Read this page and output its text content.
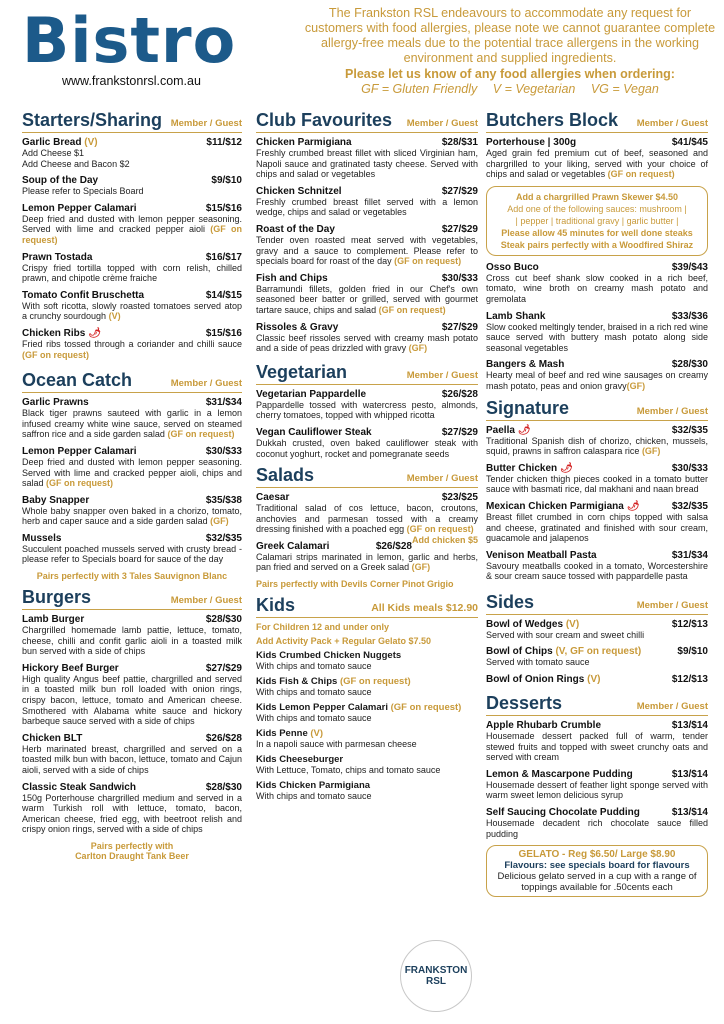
Bistro
www.frankstonrsl.com.au
The Frankston RSL endeavours to accommodate any request for customers with food allergies, please note we cannot guarantee complete allergy-free meals due to the potential trace allergens in the working environment and supplied ingredients.
Please let us know of any food allergies when ordering:
GF = Gluten Friendly V = Vegetarian VG = Vegan
Starters/Sharing Member / Guest
Garlic Bread (V)	$11/$12
Add Cheese $1
Add Cheese and Bacon $2
Soup of the Day	$9/$10
Please refer to Specials Board
Lemon Pepper Calamari	$15/$16
Deep fried and dusted with lemon pepper seasoning. Served with lime and cracked pepper aioli (GF on request)
Prawn Tostada	$16/$17
Crispy fried tortilla topped with corn relish, chilled prawn, and chipotle crème fraiche
Tomato Confit Bruschetta	$14/$15
With soft ricotta, slowly roasted tomatoes served atop a crunchy sourdough (V)
Chicken Ribs 🌶	$15/$16
Fried ribs tossed through a coriander and chilli sauce (GF on request)
Ocean Catch	Member / Guest
Garlic Prawns	$31/$34
Black tiger prawns sauteed with garlic in a lemon infused creamy white wine sauce, served on steamed saffron rice and a side garden salad (GF on request)
Lemon Pepper Calamari	$30/$33
Deep fried and dusted with lemon pepper seasoning. Served with lime and cracked pepper aioli, chips and salad (GF on request)
Baby Snapper	$35/$38
Whole baby snapper oven baked in a chorizo, tomato, herb and caper sauce and a side garden salad (GF)
Mussels	$32/$35
Succulent poached mussels served with crusty bread - please refer to Specials board for sauce of the day
Pairs perfectly with 3 Tales Sauvignon Blanc
Burgers	Member / Guest
Lamb Burger	$28/$30
Chargrilled homemade lamb pattie, lettuce, tomato, cheese, chilli and confit garlic aioli in a toasted milk bun served with a side of chips
Hickory Beef Burger	$27/$29
High quality Angus beef pattie, chargrilled and served in a toasted milk bun roll loaded with onion rings, crispy bacon, lettuce, tomato and American cheese. Smothered with Alabama white sauce and hickory barbeque sauce served with a side of chips
Chicken BLT	$26/$28
Herb marinated breast, chargrilled and served on a toasted milk bun with bacon, lettuce, tomato and Cajun aioli, served with a side of chips
Classic Steak Sandwich	$28/$30
150g Porterhouse chargrilled medium and served in a warm Turkish roll with lettuce, tomato, bacon, American cheese, fried egg, with beetroot relish and crispy onion rings, served with a side of chips
Pairs perfectly with
Carlton Draught Tank Beer
Club Favourites Member / Guest
Chicken Parmigiana	$28/$31
Freshly crumbed breast fillet with sliced Virginian ham, Napoli sauce and gratinated tasty cheese. Served with chips and salad or vegetables
Chicken Schnitzel	$27/$29
Freshly crumbed breast fillet served with a lemon wedge, chips and salad or vegetables
Roast of the Day	$27/$29
Tender oven roasted meat served with vegetables, gravy and a sauce to complement. Please refer to specials board for roast of the day (GF on request)
Fish and Chips	$30/$33
Barramundi fillets, golden fried in our Chef's own seasoned beer batter or grilled, served with gourmet tartare sauce, chips and salad (GF on request)
Rissoles & Gravy	$27/$29
Classic beef rissoles served with creamy mash potato and a side of peas drizzled with gravy (GF)
Vegetarian	Member / Guest
Vegetarian Pappardelle	$26/$28
Pappardelle tossed with watercress pesto, almonds, cherry tomatoes, topped with whipped ricotta
Vegan Cauliflower Steak	$27/$29
Dukkah crusted, oven baked cauliflower steak with coconut yoghurt, rocket and pomegranate seeds
Salads	Member / Guest
Caesar	$23/$25
Traditional salad of cos lettuce, bacon, croutons, anchovies and parmesan tossed with a creamy dressing finished with a poached egg (GF on request)
Add chicken $5
Greek Calamari	$26/$28
Calamari strips marinated in lemon, garlic and herbs, pan fried and served on a Greek salad (GF)
Pairs perfectly with Devils Corner Pinot Grigio
Kids	All Kids meals $12.90
For Children 12 and under only
Add Activity Pack + Regular Gelato $7.50
Kids Crumbed Chicken Nuggets
With chips and tomato sauce
Kids Fish & Chips (GF on request)
With chips and tomato sauce
Kids Lemon Pepper Calamari (GF on request)
With chips and tomato sauce
Kids Penne (V)
In a napoli sauce with parmesan cheese
Kids Cheeseburger
With Lettuce, Tomato, chips and tomato sauce
Kids Chicken Parmigiana
With chips and tomato sauce
Butchers Block Member / Guest
Porterhouse | 300g	$41/$45
Aged grain fed premium cut of beef, seasoned and chargrilled to your liking, served with your choice of chips and salad or vegetables (GF on request)
Add a chargrilled Prawn Skewer $4.50
Add one of the following sauces: mushroom |
| pepper | traditional gravy | garlic butter |
Please allow 45 minutes for well done steaks
Steak pairs perfectly with a Woodfired Shiraz
Osso Buco	$39/$43
Cross cut beef shank slow cooked in a rich beef, tomato, wine broth on creamy mash potato and gremolata
Lamb Shank	$33/$36
Slow cooked meltingly tender, braised in a rich red wine sauce served with buttery mash potato along side seasonal vegetables
Bangers & Mash	$28/$30
Hearty meal of beef and red wine sausages on creamy mash potato, peas and onion gravy(GF)
Signature	Member / Guest
Paella 🌶	$32/$35
Traditional Spanish dish of chorizo, chicken, mussels, squid, prawns in saffron calaspara rice (GF)
Butter Chicken 🌶	$30/$33
Tender chicken thigh pieces cooked in a tomato butter sauce with basmati rice, dal makhani and naan bread
Mexican Chicken Parmigiana 🌶	$32/$35
Breast fillet crumbed in corn chips topped with salsa and cheese, gratinated and finished with sour cream, guacamole and jalapenos
Venison Meatball Pasta	$31/$34
Savoury meatballs cooked in a tomato, Worcestershire & sour cream sauce tossed with pappardelle pasta
Sides	Member / Guest
Bowl of Wedges (V)	$12/$13
Served with sour cream and sweet chilli
Bowl of Chips (V, GF on request)	$9/$10
Served with tomato sauce
Bowl of Onion Rings (V)	$12/$13
Desserts	Member / Guest
Apple Rhubarb Crumble	$13/$14
Housemade dessert packed full of warm, tender stewed fruits and topped with sweet crunchy oats and served with cream
Lemon & Mascarpone Pudding	$13/$14
Housemade dessert of feather light sponge served with warm sweet lemon delicious syrup
Self Saucing Chocolate Pudding	$13/$14
Housemade decadent rich chocolate sauce filled pudding
GELATO - Reg $6.50/ Large $8.90
Flavours: see specials board for flavours
Delicious gelato served in a cup with a range of toppings available for .50cents each
FRANKSTON
RSL
